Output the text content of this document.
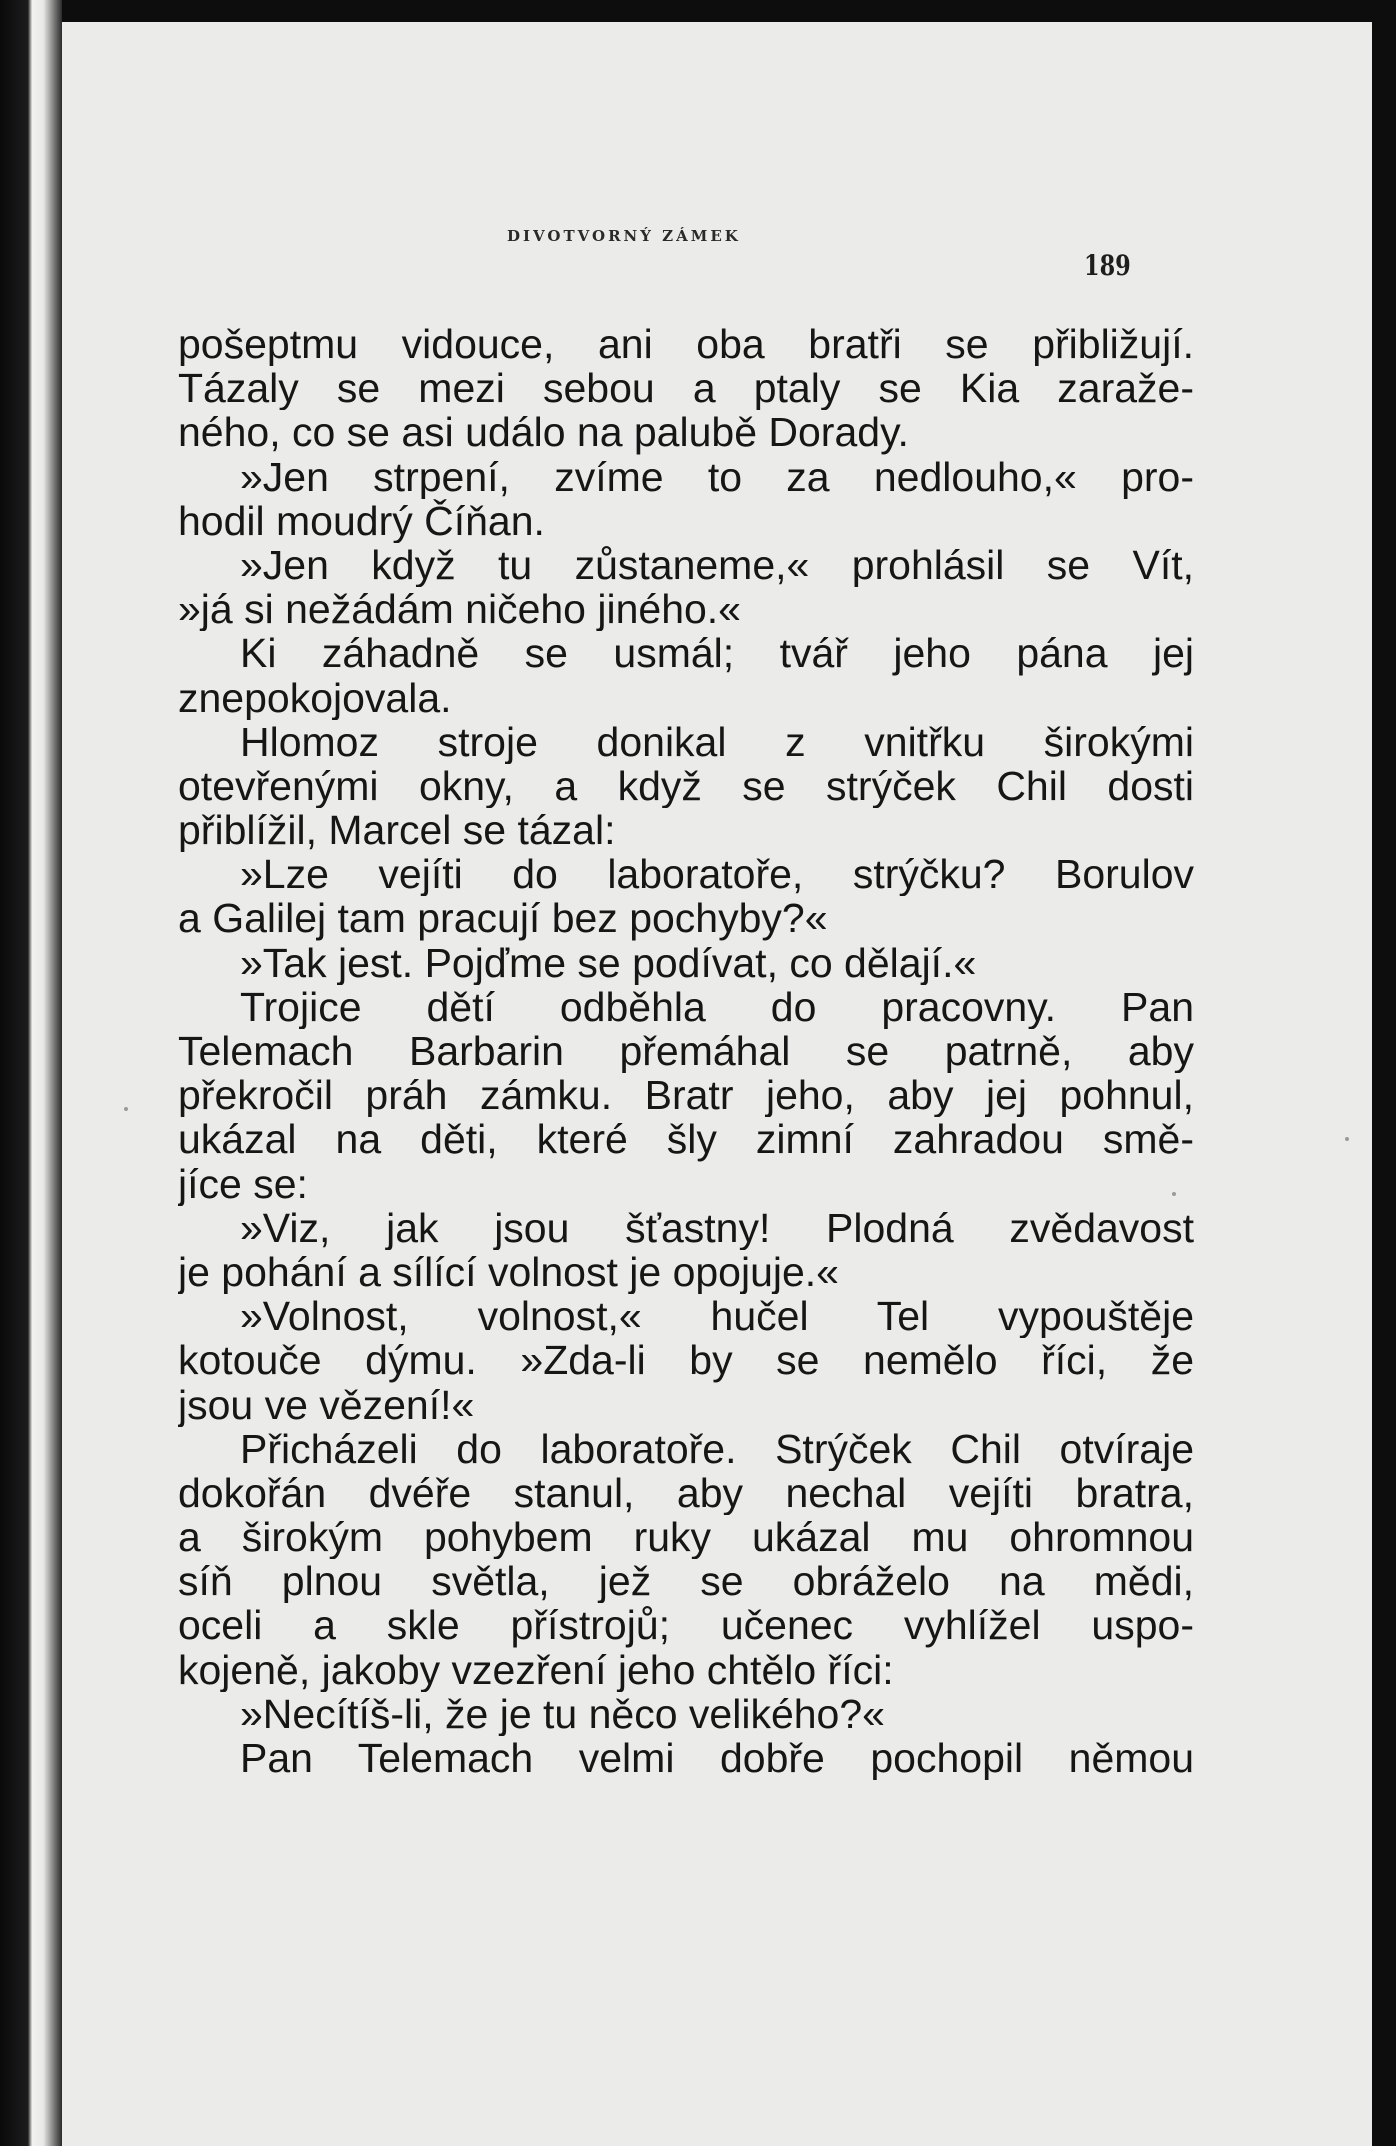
DIVOTVORNÝ ZÁMEK
189
pošeptmu vidouce, ani oba bratři se přibližují.
Tázaly se mezi sebou a ptaly se Kia zaraže-
ného, co se asi událo na palubě Dorady.
»Jen strpení, zvíme to za nedlouho,« pro-
hodil moudrý Číňan.
»Jen když tu zůstaneme,« prohlásil se Vít,
»já si nežádám ničeho jiného.«
Ki záhadně se usmál; tvář jeho pána jej
znepokojovala.
Hlomoz stroje donikal z vnitřku širokými
otevřenými okny, a když se strýček Chil dosti
přiblížil, Marcel se tázal:
»Lze vejíti do laboratoře, strýčku? Borulov
a Galilej tam pracují bez pochyby?«
»Tak jest. Pojďme se podívat, co dělají.«
Trojice dětí odběhla do pracovny. Pan
Telemach Barbarin přemáhal se patrně, aby
překročil práh zámku. Bratr jeho, aby jej pohnul,
ukázal na děti, které šly zimní zahradou smě-
jíce se:
»Viz, jak jsou šťastny! Plodná zvědavost
je pohání a sílící volnost je opojuje.«
»Volnost, volnost,« hučel Tel vypouštěje
kotouče dýmu. »Zda-li by se nemělo říci, že
jsou ve vězení!«
Přicházeli do laboratoře. Strýček Chil otvíraje
dokořán dvéře stanul, aby nechal vejíti bratra,
a širokým pohybem ruky ukázal mu ohromnou
síň plnou světla, jež se obráželo na mědi,
oceli a skle přístrojů; učenec vyhlížel uspo-
kojeně, jakoby vzezření jeho chtělo říci:
»Necítíš-li, že je tu něco velikého?«
Pan Telemach velmi dobře pochopil němou
